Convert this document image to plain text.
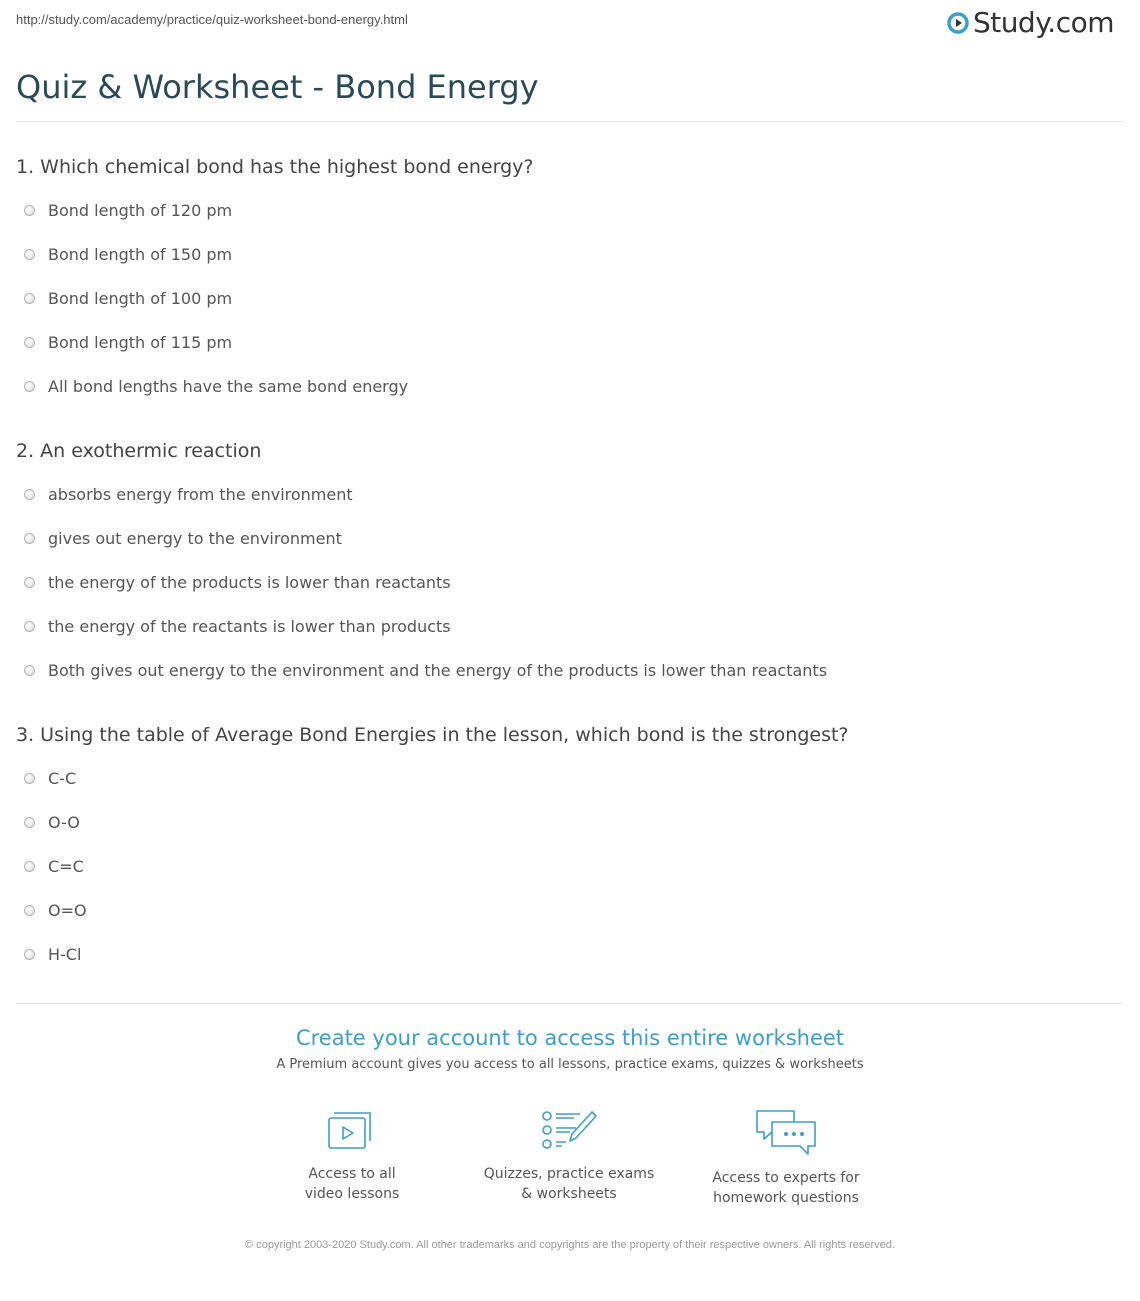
http://study.com/academy/practice/quiz-worksheet-bond-energy.html	Study.com
Quiz & Worksheet - Bond Energy
1. Which chemical bond has the highest bond energy?
Bond length of 120 pm
Bond length of 150 pm
Bond length of 100 pm
Bond length of 115 pm
All bond lengths have the same bond energy
2. An exothermic reaction
absorbs energy from the environment
gives out energy to the environment
the energy of the products is lower than reactants
the energy of the reactants is lower than products
Both gives out energy to the environment and the energy of the products is lower than reactants
3. Using the table of Average Bond Energies in the lesson, which bond is the strongest?
C-C
O-O
C=C
O=O
H-Cl
Create your account to access this entire worksheet

A Premium account gives you access to all lessons, practice exams, quizzes & worksheets

Access to all
video lessons
Quizzes, practice exams
& worksheets
Access to experts for
homework questions
© copyright 2003-2020 Study.com. All other trademarks and copyrights are the property of their respective owners. All rights reserved.
